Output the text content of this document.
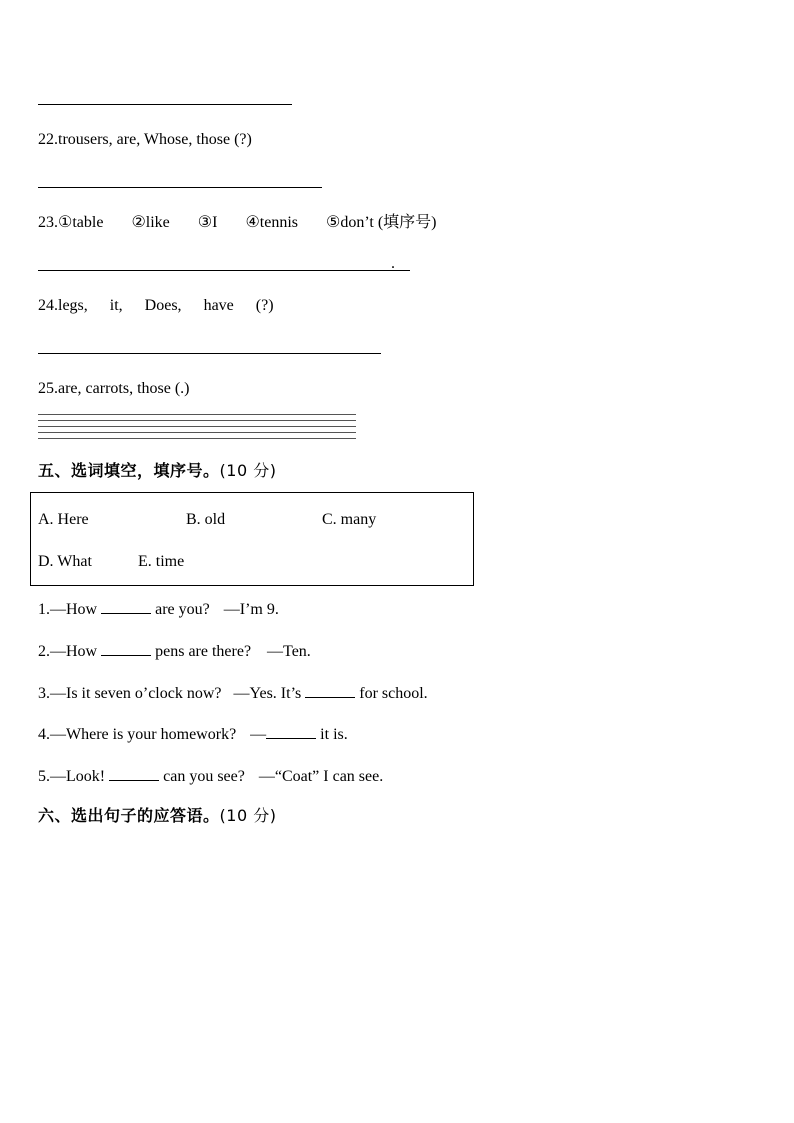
22.trousers, are, Whose, those (?)
23.①table ②like ③I ④tennis ⑤don’t (填序号)
.
24.legs, it, Does, have (?)
25.are, carrots, those (.)
五、选词填空，填序号。(10 分)
A. Here	B. old	C. many
D. What	E. time
1.—How	are you? —I’m 9.
2.—How	pens are there? —Ten.
3.—Is it seven o’clock now? —Yes. It’s	for school.
4.—Where is your homework? —	it is.
5.—Look!	can you see? —“Coat” I can see.
六、选出句子的应答语。(10 分)
